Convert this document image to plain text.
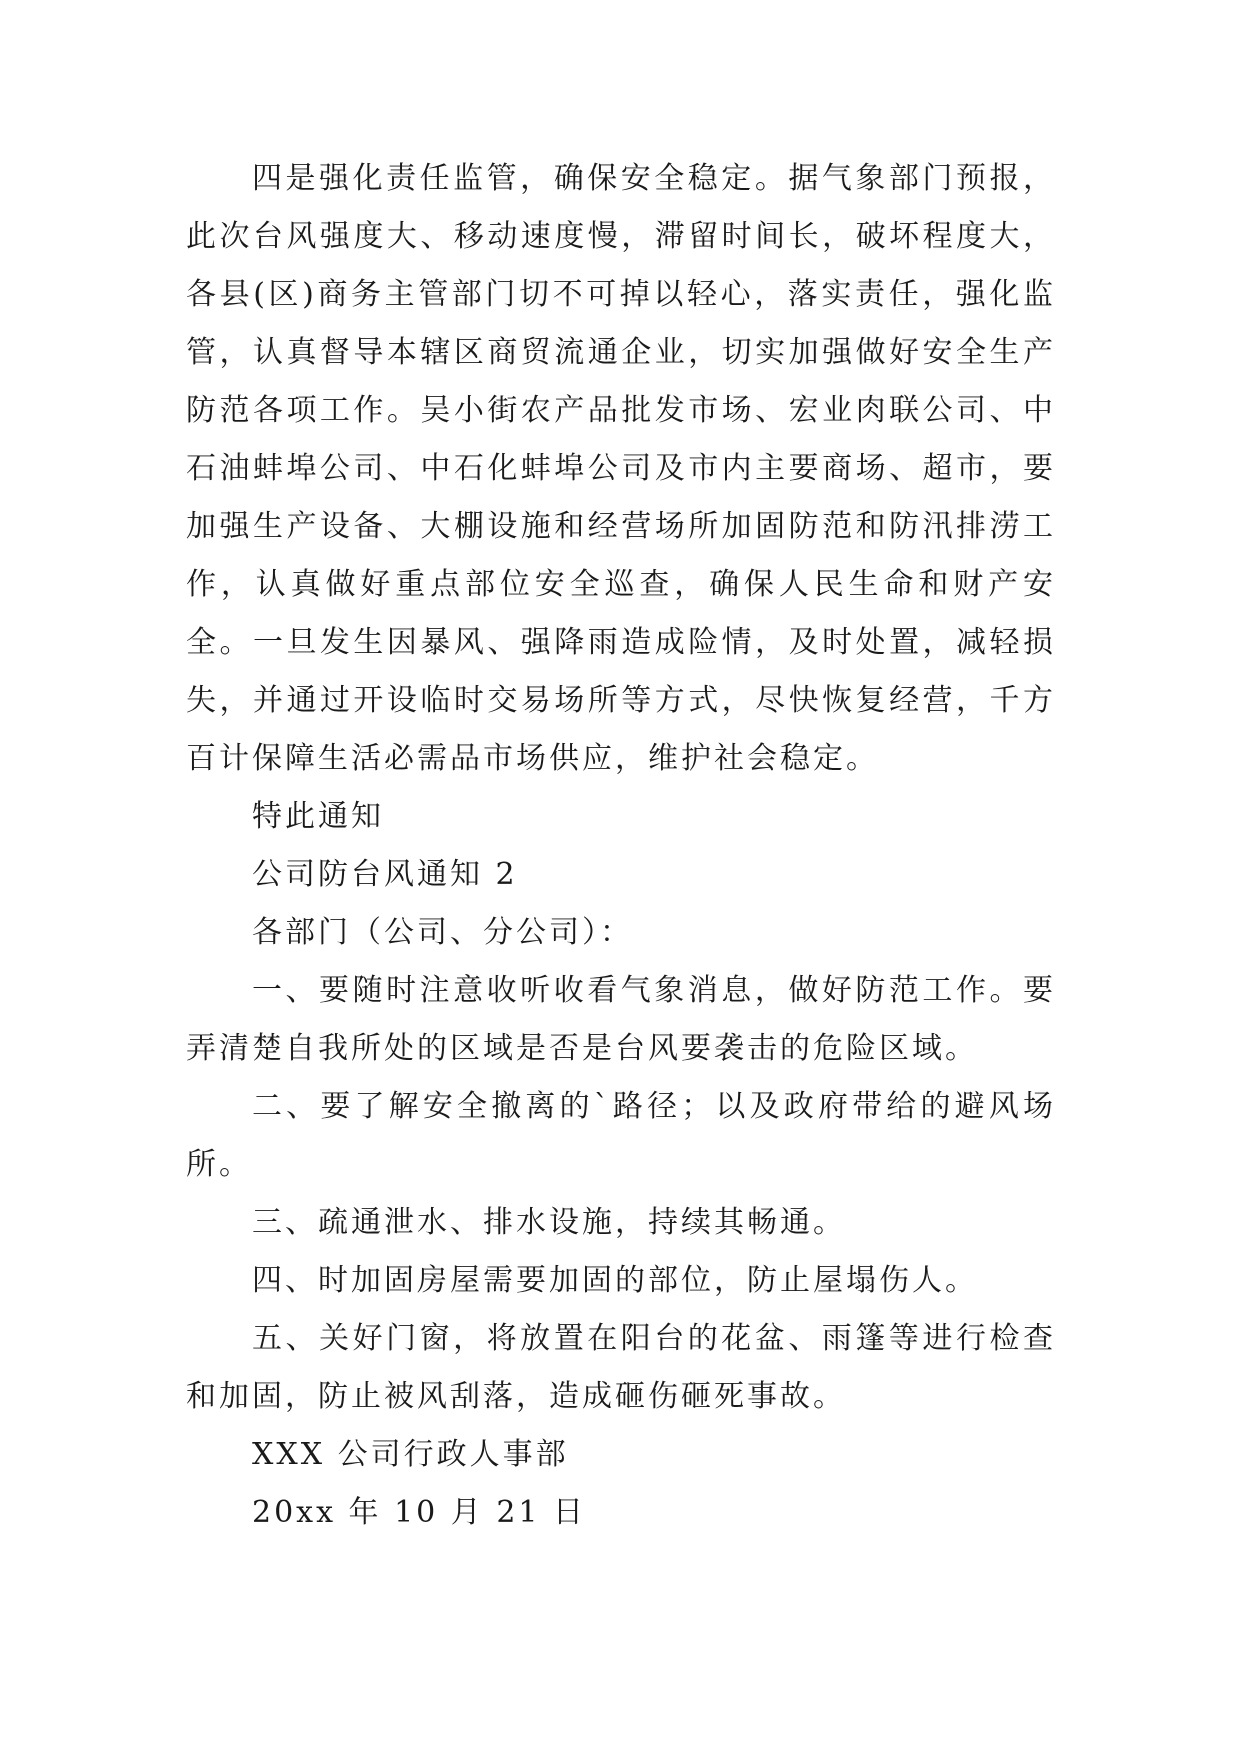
四是强化责任监管，确保安全稳定。据气象部门预报，此次台风强度大、移动速度慢，滞留时间长，破坏程度大，各县(区)商务主管部门切不可掉以轻心，落实责任，强化监管，认真督导本辖区商贸流通企业，切实加强做好安全生产防范各项工作。吴小街农产品批发市场、宏业肉联公司、中石油蚌埠公司、中石化蚌埠公司及市内主要商场、超市，要加强生产设备、大棚设施和经营场所加固防范和防汛排涝工作，认真做好重点部位安全巡查，确保人民生命和财产安全。一旦发生因暴风、强降雨造成险情，及时处置，减轻损失，并通过开设临时交易场所等方式，尽快恢复经营，千方百计保障生活必需品市场供应，维护社会稳定。

特此通知

公司防台风通知 2

各部门（公司、分公司）：

一、要随时注意收听收看气象消息，做好防范工作。要弄清楚自我所处的区域是否是台风要袭击的危险区域。

二、要了解安全撤离的`路径；以及政府带给的避风场所。

三、疏通泄水、排水设施，持续其畅通。

四、时加固房屋需要加固的部位，防止屋塌伤人。

五、关好门窗，将放置在阳台的花盆、雨篷等进行检查和加固，防止被风刮落，造成砸伤砸死事故。

XXX 公司行政人事部

20xx 年 10 月 21 日
